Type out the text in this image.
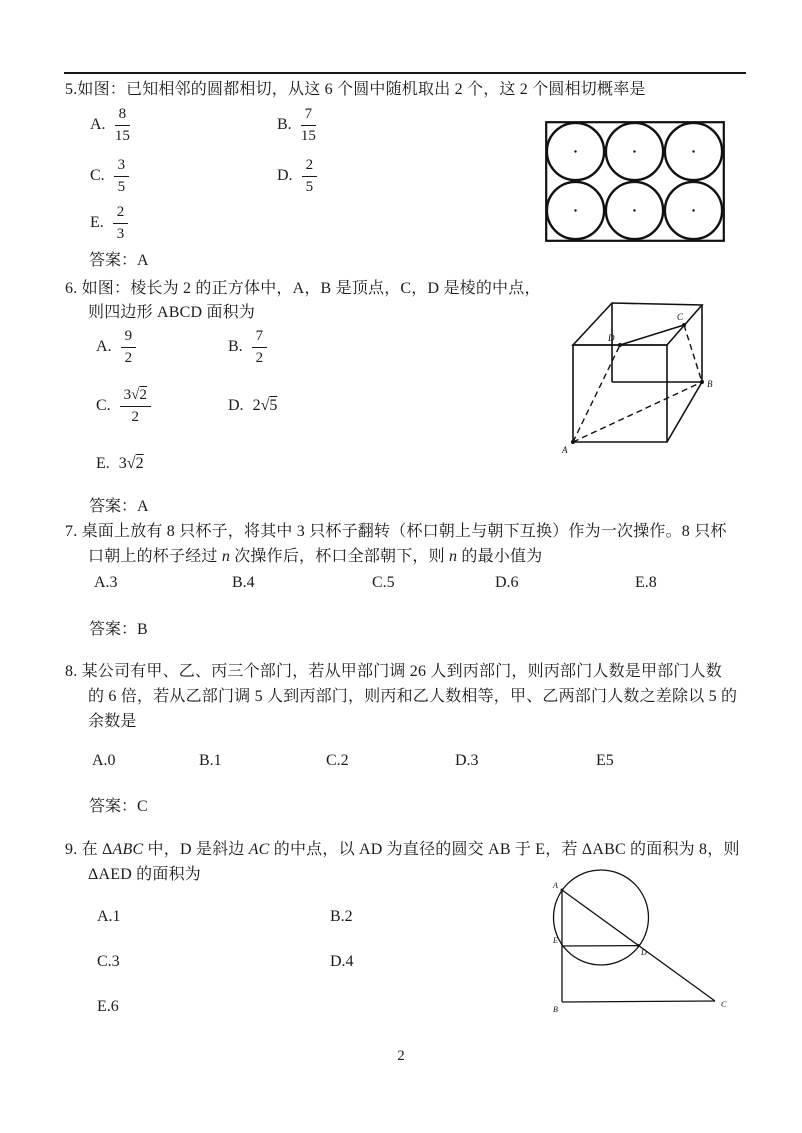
5.如图：已知相邻的圆都相切，从这 6 个圆中随机取出 2 个，这 2 个圆相切概率是
A. $\frac{8}{15}$	B. $\frac{7}{15}$
C. $\frac{3}{5}$	D. $\frac{2}{5}$
E. $\frac{2}{3}$
答案：A
6. 如图：棱长为 2 的正方体中，A，B 是顶点，C，D 是棱的中点，
则四边形 ABCD 面积为
A. $\frac{9}{2}$	B. $\frac{7}{2}$
C. $\frac{3√2}{2}$	D. 2√5
E. 3√2
答案：A
A
B
C
D
7. 桌面上放有 8 只杯子，将其中 3 只杯子翻转（杯口朝上与朝下互换）作为一次操作。8 只杯
口朝上的杯子经过 n 次操作后，杯口全部朝下，则 n 的最小值为
A.3	B.4	C.5	D.6	E.8
答案：B
8. 某公司有甲、乙、丙三个部门，若从甲部门调 26 人到丙部门，则丙部门人数是甲部门人数
的 6 倍，若从乙部门调 5 人到丙部门，则丙和乙人数相等，甲、乙两部门人数之差除以 5 的
余数是
A.0	B.1	C.2	D.3	E5
答案：C
9. 在 ΔABC 中，D 是斜边 AC 的中点，以 AD 为直径的圆交 AB 于 E，若 ΔABC 的面积为 8，则
ΔAED 的面积为
A.1	B.2
C.3	D.4
E.6
A
E
B
C
D
2
